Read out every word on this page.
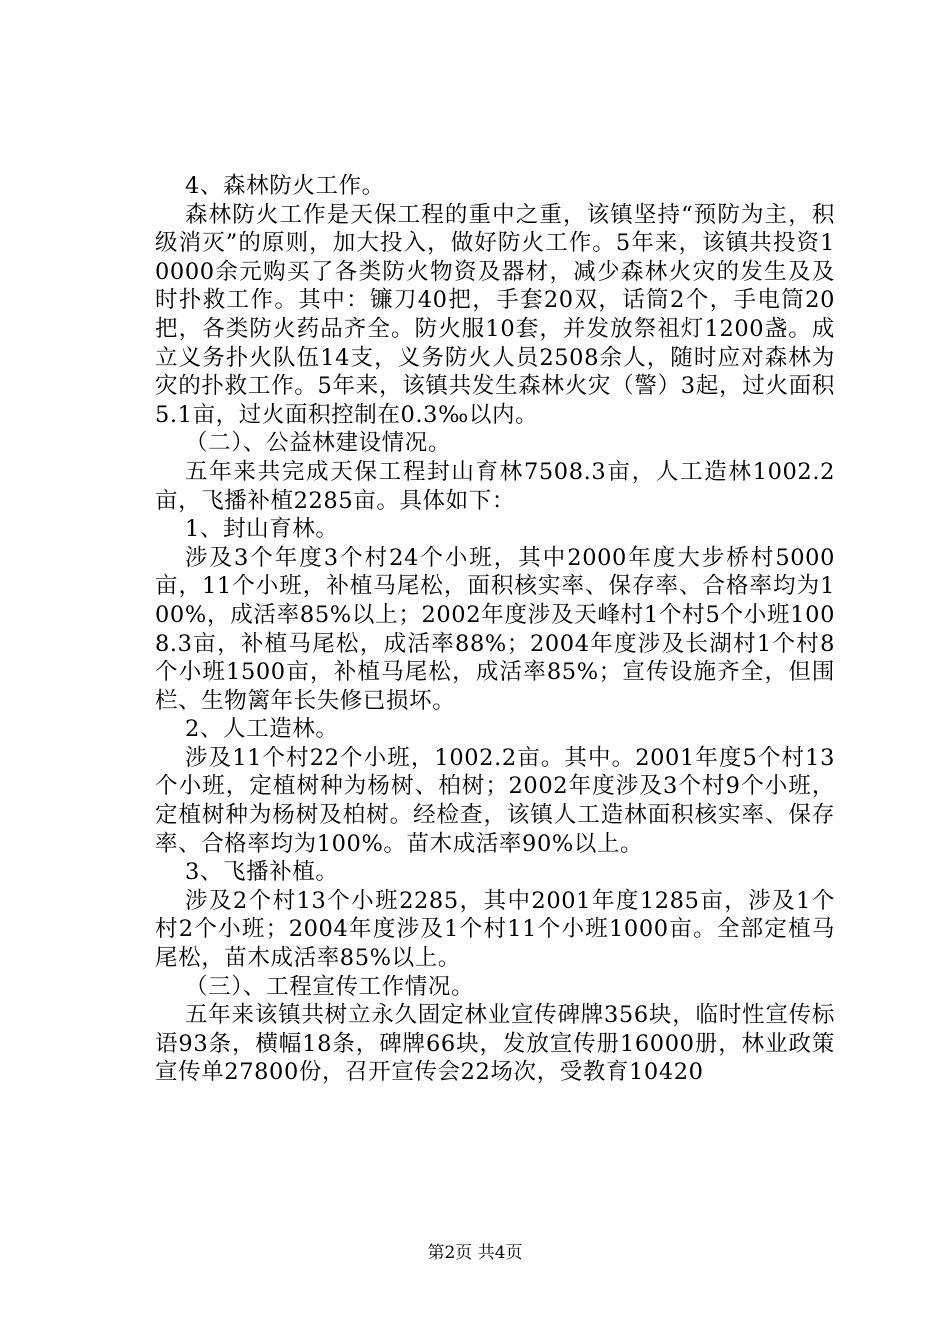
4、森林防火工作。

森林防火工作是天保工程的重中之重，该镇坚持“预防为主，积级消灭”的原则，加大投入，做好防火工作。5年来，该镇共投资10000余元购买了各类防火物资及器材，减少森林火灾的发生及及时扑救工作。其中：镰刀40把，手套20双，话筒2个，手电筒20把，各类防火药品齐全。防火服10套，并发放祭祖灯1200盏。成立义务扑火队伍14支，义务防火人员2508余人，随时应对森林为灾的扑救工作。5年来，该镇共发生森林火灾（警）3起，过火面积5.1亩，过火面积控制在0.3‰以内。

（二）、公益林建设情况。

五年来共完成天保工程封山育林7508.3亩，人工造林1002.2亩，飞播补植2285亩。具体如下：

1、封山育林。

涉及3个年度3个村24个小班，其中2000年度大步桥村5000亩，11个小班，补植马尾松，面积核实率、保存率、合格率均为100%，成活率85%以上；2002年度涉及天峰村1个村5个小班1008.3亩，补植马尾松，成活率88%；2004年度涉及长湖村1个村8个小班1500亩，补植马尾松，成活率85%；宣传设施齐全，但围栏、生物篱年长失修已损坏。

2、人工造林。

涉及11个村22个小班，1002.2亩。其中。2001年度5个村13个小班，定植树种为杨树、柏树；2002年度涉及3个村9个小班，定植树种为杨树及柏树。经检查，该镇人工造林面积核实率、保存率、合格率均为100%。苗木成活率90%以上。

3、飞播补植。

涉及2个村13个小班2285，其中2001年度1285亩，涉及1个村2个小班；2004年度涉及1个村11个小班1000亩。全部定植马尾松，苗木成活率85%以上。

（三）、工程宣传工作情况。

五年来该镇共树立永久固定林业宣传碑牌356块，临时性宣传标语93条，横幅18条，碑牌66块，发放宣传册16000册，林业政策宣传单27800份，召开宣传会22场次，受教育10420

第2页 共4页
